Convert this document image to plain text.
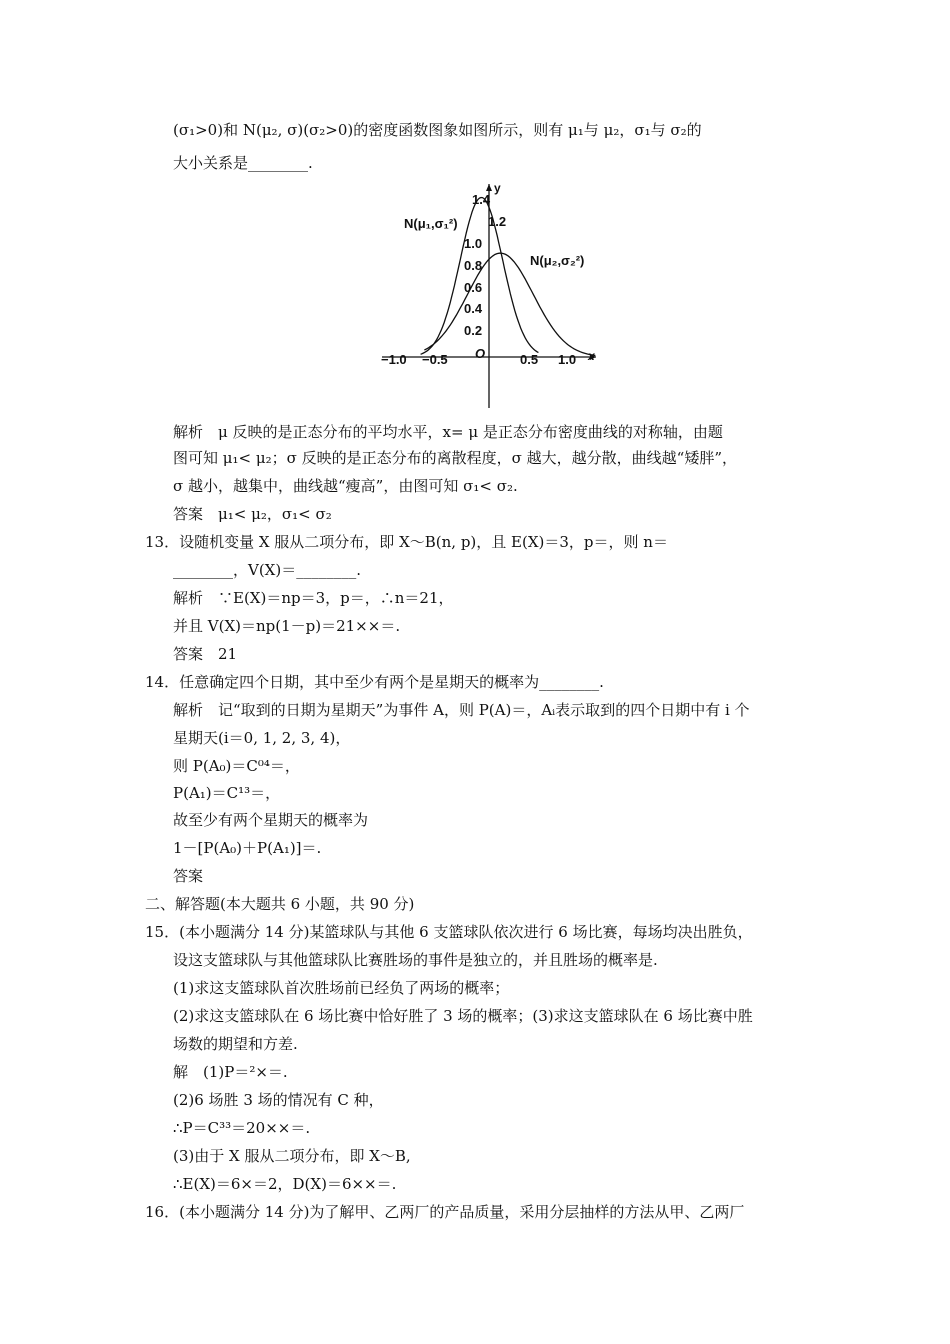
(σ₁>0)和 N(μ₂, σ)(σ₂>0)的密度函数图象如图所示，则有 μ₁与 μ₂，σ₁与 σ₂的
大小关系是________.
y
x
O
1.4
1.2
1.0
0.8
0.6
0.4
0.2
−1.0 −0.5	0.5 1.0
N(μ₁,σ₁²)
N(μ₂,σ₂²)
解析　μ 反映的是正态分布的平均水平，x= μ 是正态分布密度曲线的对称轴，由题
图可知 μ₁< μ₂；σ 反映的是正态分布的离散程度，σ 越大，越分散，曲线越“矮胖”，
σ 越小，越集中，曲线越“瘦高”，由图可知 σ₁< σ₂.
答案　μ₁< μ₂，σ₁< σ₂
13．设随机变量 X 服从二项分布，即 X～B(n, p)，且 E(X)＝3，p＝，则 n＝
________，V(X)＝________.
解析　∵E(X)＝np＝3，p＝，∴n＝21，
并且 V(X)＝np(1－p)＝21××＝.
答案　21
14．任意确定四个日期，其中至少有两个是星期天的概率为________.
解析　记“取到的日期为星期天”为事件 A，则 P(A)＝，Aᵢ表示取到的四个日期中有 i 个
星期天(i＝0, 1, 2, 3, 4)，
则 P(A₀)＝C⁰⁴＝，
P(A₁)＝C¹³＝，
故至少有两个星期天的概率为
1－[P(A₀)＋P(A₁)]＝.
答案
二、解答题(本大题共 6 小题，共 90 分)
15．(本小题满分 14 分)某篮球队与其他 6 支篮球队依次进行 6 场比赛，每场均决出胜负，
设这支篮球队与其他篮球队比赛胜场的事件是独立的，并且胜场的概率是.
(1)求这支篮球队首次胜场前已经负了两场的概率；
(2)求这支篮球队在 6 场比赛中恰好胜了 3 场的概率；(3)求这支篮球队在 6 场比赛中胜
场数的期望和方差.
解　(1)P＝²×＝.
(2)6 场胜 3 场的情况有 C 种，
∴P＝C³³＝20××＝.
(3)由于 X 服从二项分布，即 X～B,
∴E(X)＝6×＝2，D(X)＝6××＝.
16．(本小题满分 14 分)为了解甲、乙两厂的产品质量，采用分层抽样的方法从甲、乙两厂
